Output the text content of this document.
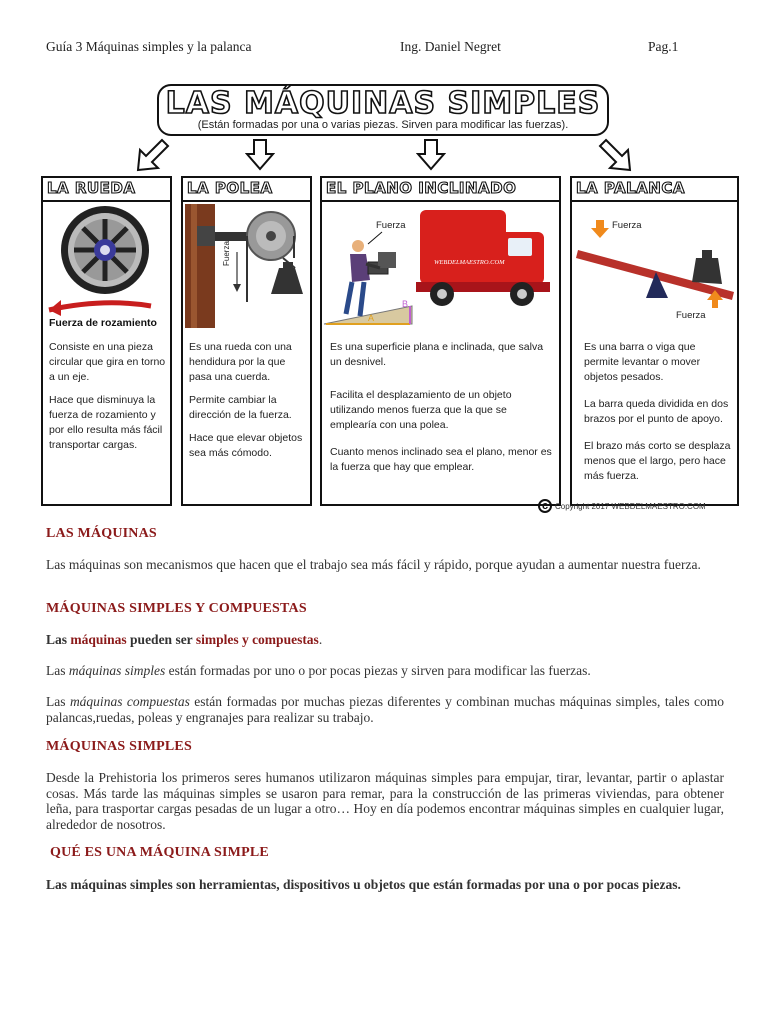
Guía 3 Máquinas simples y la palanca	Ing. Daniel Negret	Pag.1
LAS MÁQUINAS SIMPLES
(Están formadas por una o varias piezas. Sirven para modificar las fuerzas).
LA RUEDA
Fuerza de rozamiento

Consiste en una pieza circular que gira en torno a un eje.

Hace que disminuya la fuerza de rozamiento y por ello resulta más fácil transportar cargas.

LA POLEA
Fuerza

Es una rueda con una hendidura por la que pasa una cuerda.

Permite cambiar la dirección de la fuerza.

Hace que elevar objetos sea más cómodo.

EL PLANO INCLINADO
A
B
WEBDELMAESTRO.COM
Fuerza

Es una superficie plana e inclinada, que salva un desnivel.

Facilita el desplazamiento de un objeto utilizando menos fuerza que la que se emplearía con una polea.

Cuanto menos inclinado sea el plano, menor es la fuerza que hay que emplear.

LA PALANCA
Fuerza
Fuerza

Es una barra o viga que permite levantar o mover objetos pesados.

La barra queda dividida en dos brazos por el punto de apoyo.

El brazo más corto se desplaza menos que el largo, pero hace más fuerza.

c Copyright 2017 WEBDELMAESTRO.COM
LAS MÁQUINAS
Las máquinas son mecanismos que hacen que el trabajo sea más fácil y rápido, porque ayudan a aumentar nuestra fuerza.
MÁQUINAS SIMPLES Y COMPUESTAS
Las máquinas pueden ser simples y compuestas.
Las máquinas simples están formadas por uno o por pocas piezas y sirven para modificar las fuerzas.
Las máquinas compuestas están formadas por muchas piezas diferentes y combinan muchas máquinas simples, tales como palancas,ruedas, poleas y engranajes para realizar su trabajo.
MÁQUINAS SIMPLES
Desde la Prehistoria los primeros seres humanos utilizaron máquinas simples para empujar, tirar, levantar, partir o aplastar cosas. Más tarde las máquinas simples se usaron para remar, para la construcción de las primeras viviendas, para obtener leña, para trasportar cargas pesadas de un lugar a otro… Hoy en día podemos encontrar máquinas simples en cualquier lugar, alrededor de nosotros.
QUÉ ES UNA MÁQUINA SIMPLE
Las máquinas simples son herramientas, dispositivos u objetos que están formadas por una o por pocas piezas.
